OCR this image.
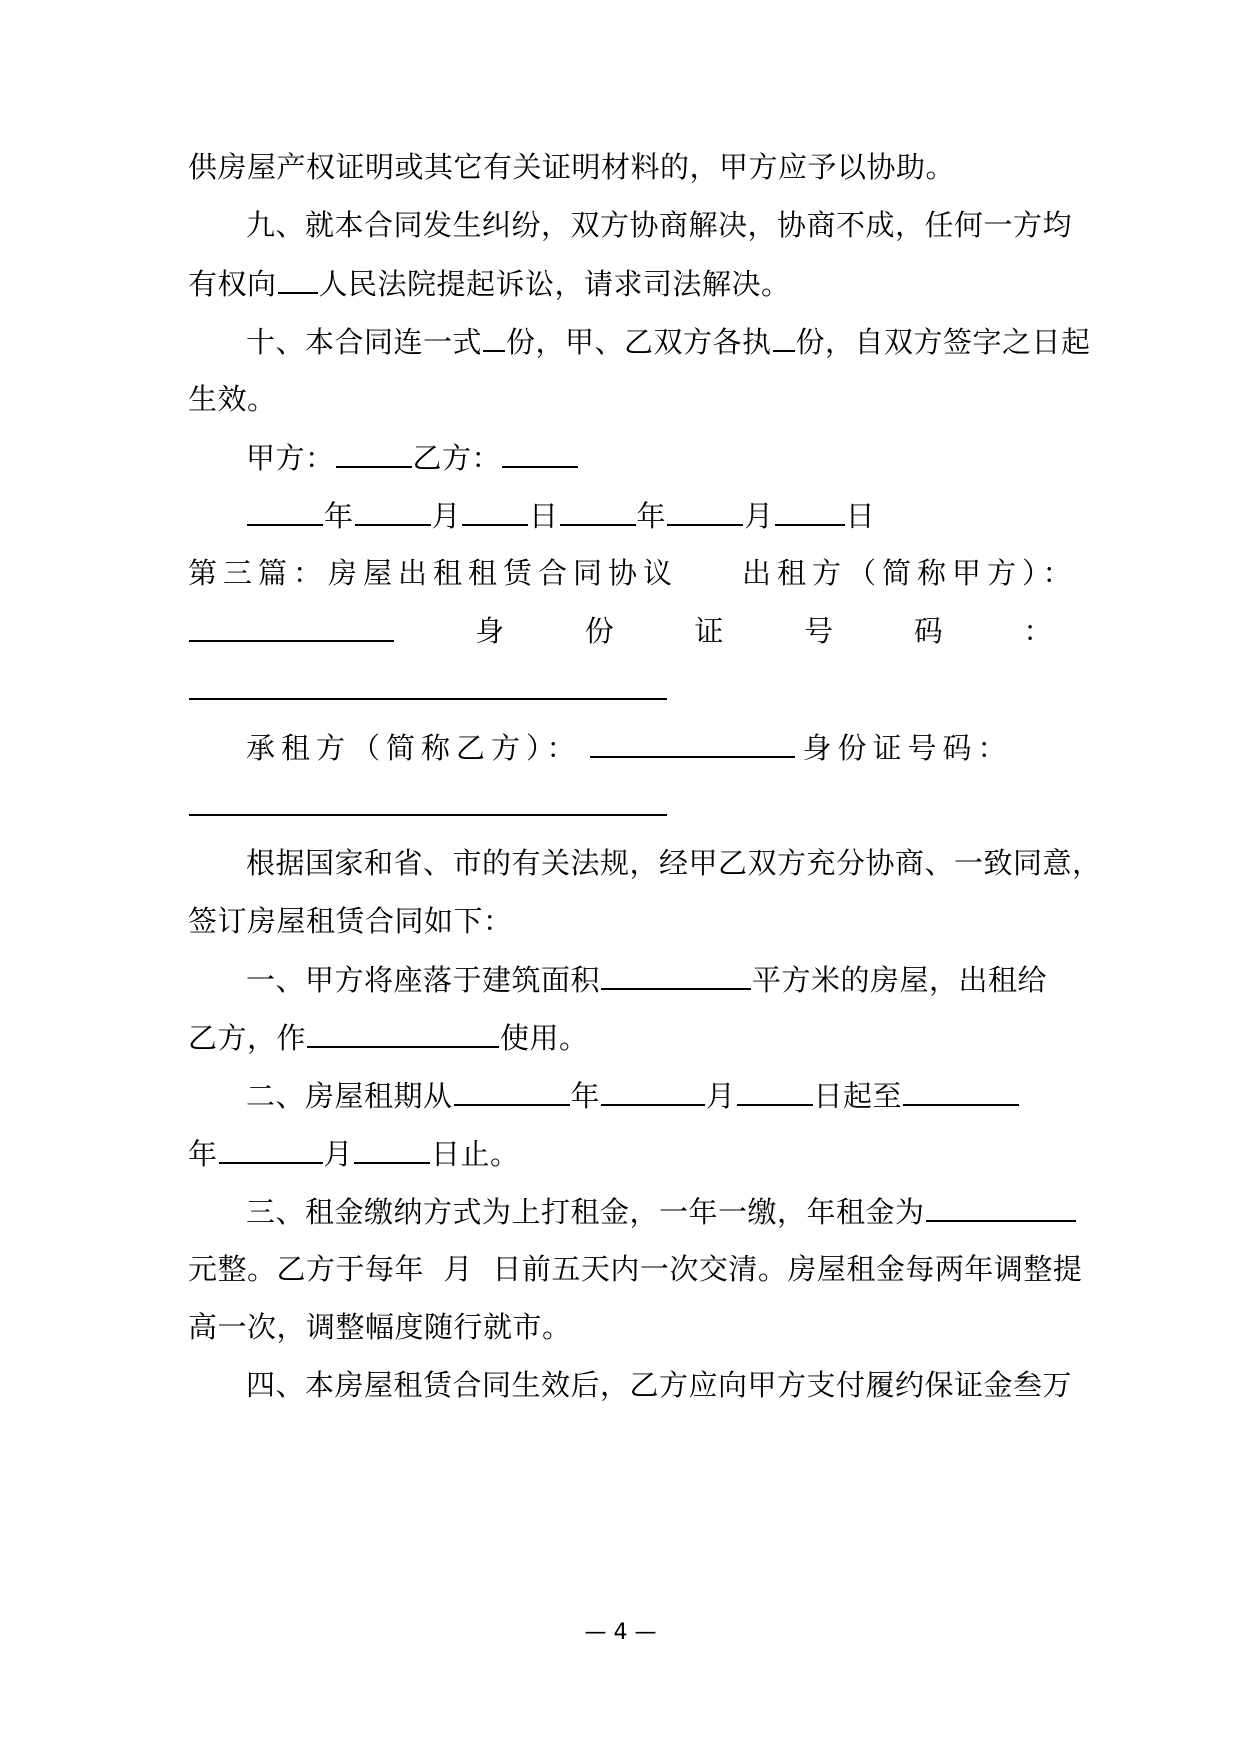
供房屋产权证明或其它有关证明材料的，甲方应予以协助。
九、就本合同发生纠纷，双方协商解决，协商不成，任何一方均
有权向 人民法院提起诉讼，请求司法解决。
十、本合同连一式 份，甲、乙双方各执 份，自双方签字之日起
生效。
甲方：	乙方：
年	月 日	年	月 日
第三篇：房屋出租租赁合同协议 出租方（简称甲方）：
身	份	证	号	码	：
承租方（简称乙方）：	身份证号码：
根据国家和省、市的有关法规，经甲乙双方充分协商、一致同意，
签订房屋租赁合同如下：
一、甲方将座落于建筑面积	平方米的房屋，出租给
乙方，作	使用。
二、房屋租期从	年	月	日起至
年	月	日止。
三、租金缴纳方式为上打租金，一年一缴，年租金为
元整。乙方于每年  月  日前五天内一次交清。房屋租金每两年调整提
高一次，调整幅度随行就市。
四、本房屋租赁合同生效后，乙方应向甲方支付履约保证金叁万
— 4 —
